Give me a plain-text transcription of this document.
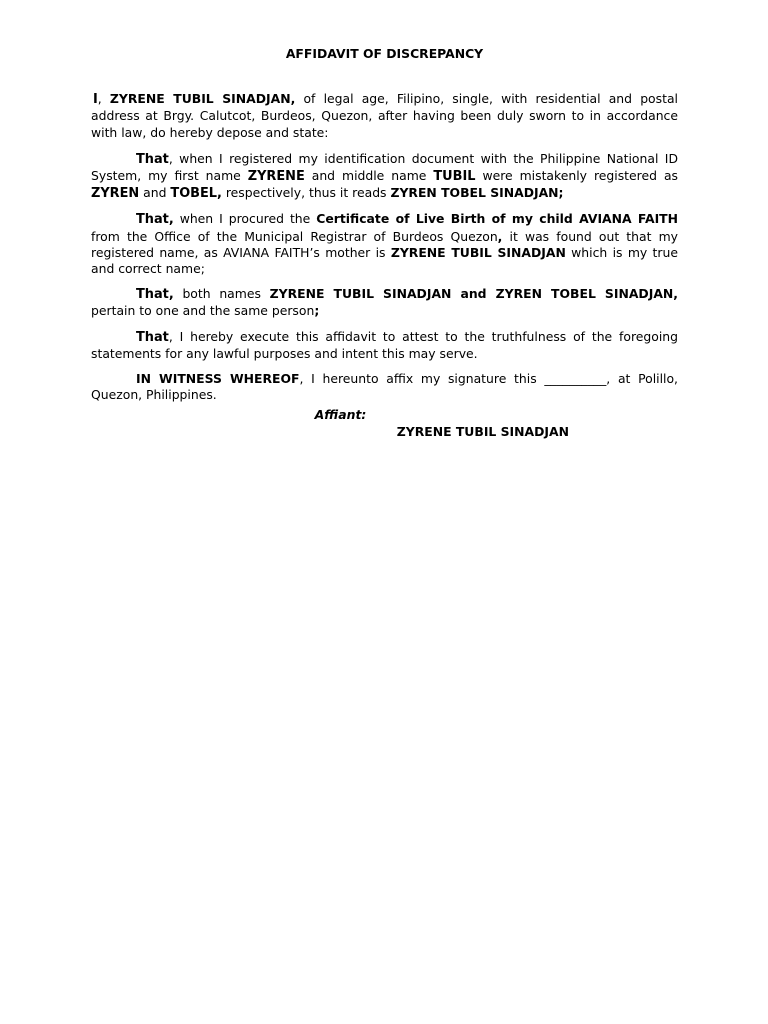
AFFIDAVIT OF DISCREPANCY

I, ZYRENE TUBIL SINADJAN, of legal age, Filipino, single, with residential and postal address at Brgy. Calutcot, Burdeos, Quezon, after having been duly sworn to in accordance with law, do hereby depose and state:

That, when I registered my identification document with the Philippine National ID System, my first name ZYRENE and middle name TUBIL were mistakenly registered as ZYREN and TOBEL, respectively, thus it reads ZYREN TOBEL SINADJAN;

That, when I procured the Certificate of Live Birth of my child AVIANA FAITH from the Office of the Municipal Registrar of Burdeos Quezon, it was found out that my registered name, as AVIANA FAITH’s mother is ZYRENE TUBIL SINADJAN which is my true and correct name;

That, both names ZYRENE TUBIL SINADJAN and ZYREN TOBEL SINADJAN, pertain to one and the same person;

That, I hereby execute this affidavit to attest to the truthfulness of the foregoing statements for any lawful purposes and intent this may serve.

IN WITNESS WHEREOF, I hereunto affix my signature this __________, at Polillo, Quezon, Philippines.

Affiant:
ZYRENE TUBIL SINADJAN
